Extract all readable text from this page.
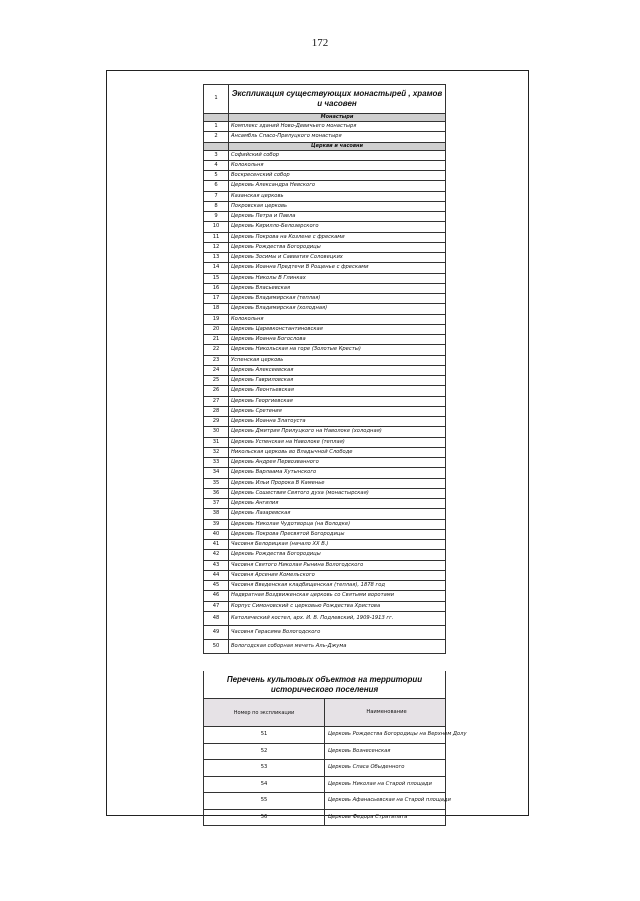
172
1	Экспликация существующих монастырей , храмов и часовен
	Монастыри
1	Комплекс зданий Ново-Девичьего монастыря
2	Ансамбль Спасо-Прилуцкого монастыря
	Церкви и часовни
3	Софийский собор
4	Колокольня
5	Воскресенский собор
6	Церковь Александра Невского
7	Казанская церковь
8	Покровская церковь
9	Церковь Петра и Павла
10	Церковь Кирилло-Белозерского
11	Церковь Покрова на Козлене с фресками
12	Церковь Рождества Богородицы
13	Церковь Зосимы и Савватия Соловецких
14	Церковь Иоанна Предтечи В Рощенье с фресками
15	Церковь Николы В Глинках
16	Церковь Власьевская
17	Церковь Владимирская (теплая)
18	Церковь Владимирская (холодная)
19	Колокольня
20	Церковь Царевконстантиновская
21	Церковь Иоанна Богослова
22	Церковь Никольская на горе (Золотые Кресты)
23	Успенская церковь
24	Церковь Алексеевская
25	Церковь Гавриловская
26	Церковь Леонтьевская
27	Церковь Георгиевская
28	Церковь Сретения
29	Церковь Иоанна Златоуста
30	Церковь Дмитрия Прилуцкого на Наволоке (холодная)
31	Церковь Успенская на Наволоке (теплая)
32	Никольская церковь во Владычной Слободе
33	Церковь Андрея Первозванного
34	Церковь Варлаама Хутынского
35	Церковь Ильи Пророка В Каменье
36	Церковь Сошествия Святого духа (монастырская)
37	Церковь Ангилия
38	Церковь Лазаревская
39	Церковь Николая Чудотворца (на Володке)
40	Церковь Покрова Пресвятой Богородицы
41	Часовня Белорицкая (начало XX В.)
42	Церковь Рождества Богородицы
43	Часовня Святого Николая Рынина Вологодского
44	Часовня Арсения Комельского
45	Часовня Введенская кладбищенская (теплая), 1878 год
46	Надвратная Воздвиженская церковь со Святыми воротами
47	Корпус Симоновский с церковью Рождества Христова
48	Католический костел, арх. И. В. Подлевский, 1909-1913 гг.
49	Часовня Герасима Вологодского
50	Вологодская соборная мечеть Аль-Джума
Перечень культовых объектов на территории исторического поселения	
Номер по экспликации	Наименование
51	Церковь Рождества Богородицы на Верхнем Долу
52	Церковь Вознесенская
53	Церковь Спаса Обыденного
54	Церковь Николая на Старой площади
55	Церковь Афанасьевская на Старой площади
56	Церковь Федора Стратилата
